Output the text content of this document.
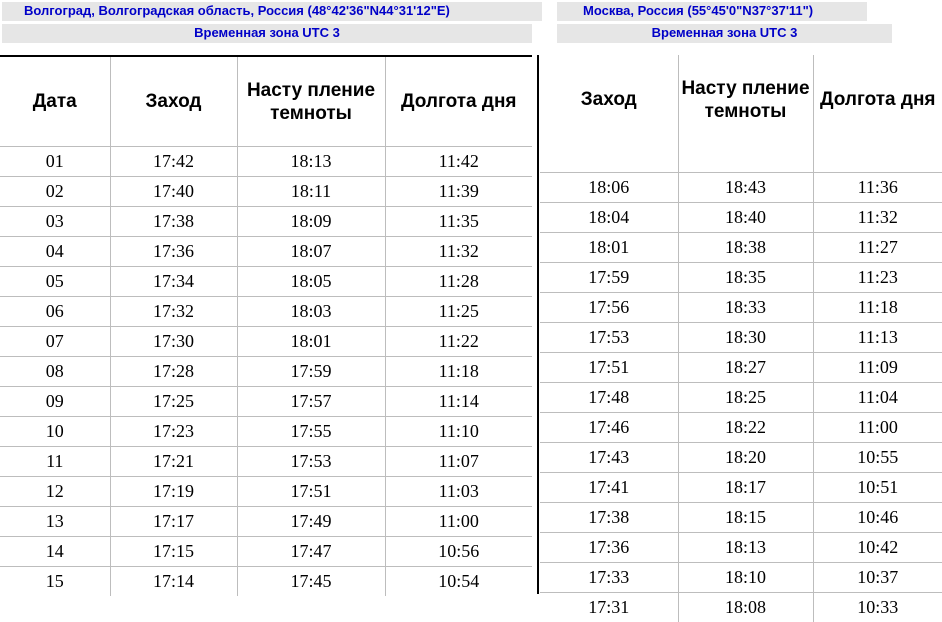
Волгоград, Волгоградская область, Россия (48°42'36"N44°31'12"E)
Временная зона UTC 3
Москва, Россия (55°45'0"N37°37'11")
Временная зона UTC 3
Дата	Заход	Насту пление темноты	Долгота дня
01	17:42	18:13	11:42
02	17:40	18:11	11:39
03	17:38	18:09	11:35
04	17:36	18:07	11:32
05	17:34	18:05	11:28
06	17:32	18:03	11:25
07	17:30	18:01	11:22
08	17:28	17:59	11:18
09	17:25	17:57	11:14
10	17:23	17:55	11:10
11	17:21	17:53	11:07
12	17:19	17:51	11:03
13	17:17	17:49	11:00
14	17:15	17:47	10:56
15	17:14	17:45	10:54
Заход	Насту пление темноты	Долгота дня
18:06	18:43	11:36
18:04	18:40	11:32
18:01	18:38	11:27
17:59	18:35	11:23
17:56	18:33	11:18
17:53	18:30	11:13
17:51	18:27	11:09
17:48	18:25	11:04
17:46	18:22	11:00
17:43	18:20	10:55
17:41	18:17	10:51
17:38	18:15	10:46
17:36	18:13	10:42
17:33	18:10	10:37
17:31	18:08	10:33
